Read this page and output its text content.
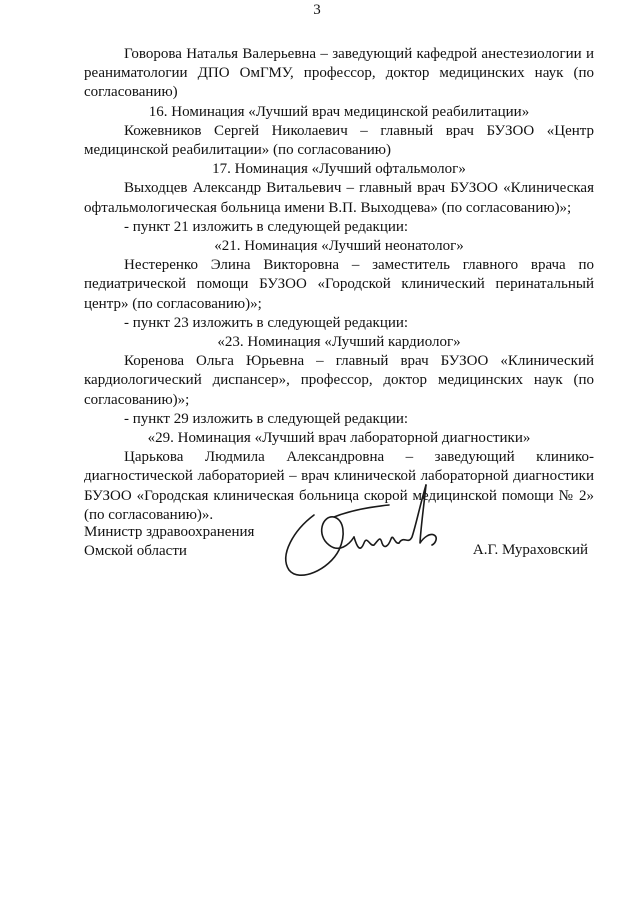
3

Говорова Наталья Валерьевна – заведующий кафедрой анестезиологии и реаниматологии ДПО ОмГМУ, профессор, доктор медицинских наук (по согласованию)

16. Номинация «Лучший врач медицинской реабилитации»

Кожевников Сергей Николаевич – главный врач БУЗОО «Центр медицинской реабилитации» (по согласованию)

17. Номинация «Лучший офтальмолог»

Выходцев Александр Витальевич – главный врач БУЗОО «Клиническая офтальмологическая больница имени В.П. Выходцева» (по согласованию)»;

- пункт 21 изложить в следующей редакции:

«21. Номинация «Лучший неонатолог»

Нестеренко Элина Викторовна – заместитель главного врача по педиатрической помощи БУЗОО «Городской клинический перинатальный центр» (по согласованию)»;

- пункт 23 изложить в следующей редакции:

«23. Номинация «Лучший кардиолог»

Коренова Ольга Юрьевна – главный врач БУЗОО «Клинический кардиологический диспансер», профессор, доктор медицинских наук (по согласованию)»;

- пункт 29 изложить в следующей редакции:

«29. Номинация «Лучший врач лабораторной диагностики»

Царькова Людмила Александровна – заведующий клинико-диагностической лабораторией – врач клинической лабораторной диагностики БУЗОО «Городская клиническая больница скорой медицинской помощи № 2» (по согласованию)».

Министр здравоохранения
Омской области	А.Г. Мураховский
